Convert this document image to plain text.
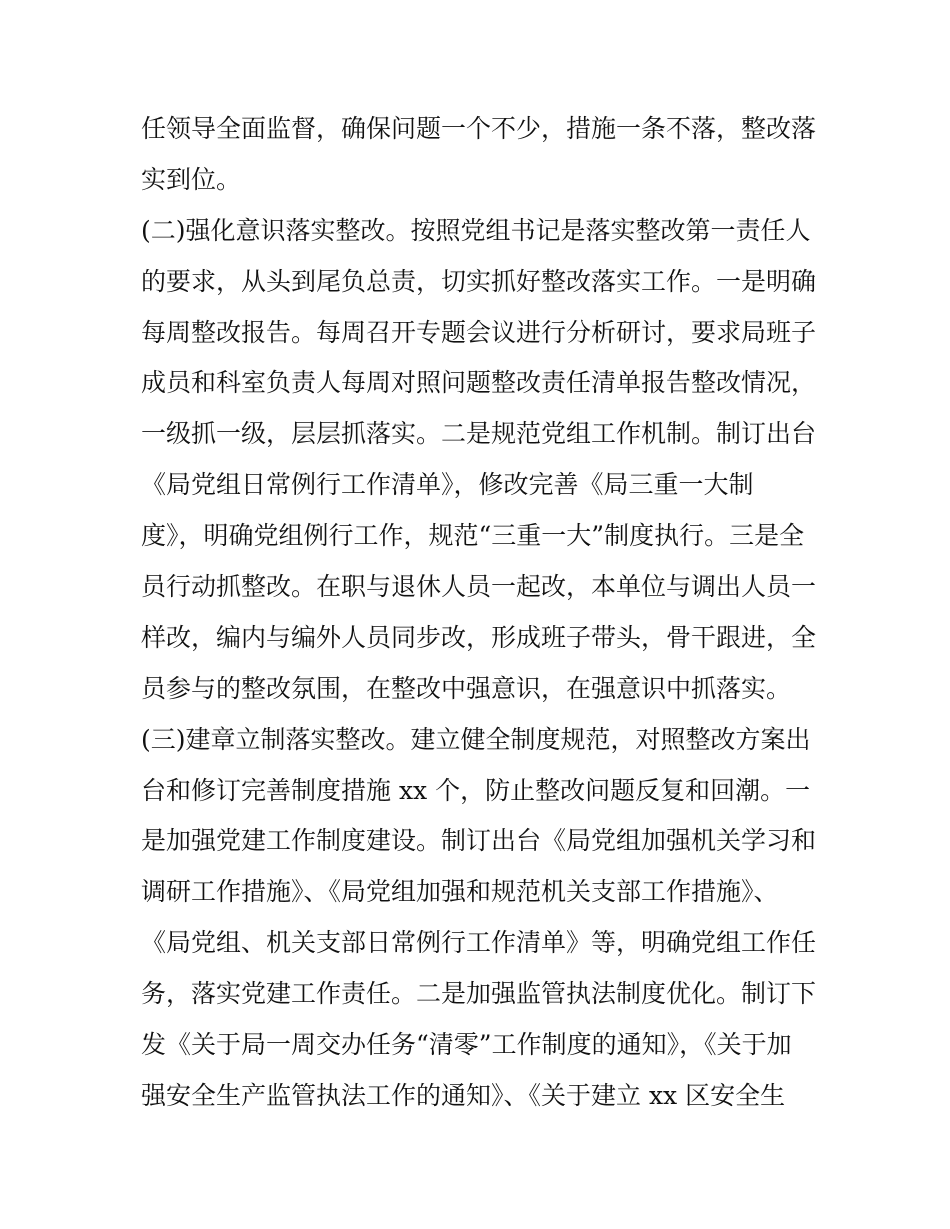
任领导全面监督，确保问题一个不少，措施一条不落，整改落
实到位。
(二)强化意识落实整改。按照党组书记是落实整改第一责任人
的要求，从头到尾负总责，切实抓好整改落实工作。一是明确
每周整改报告。每周召开专题会议进行分析研讨，要求局班子
成员和科室负责人每周对照问题整改责任清单报告整改情况，
一级抓一级，层层抓落实。二是规范党组工作机制。制订出台
《局党组日常例行工作清单》，修改完善《局三重一大制
度》，明确党组例行工作，规范“三重一大”制度执行。三是全
员行动抓整改。在职与退休人员一起改，本单位与调出人员一
样改，编内与编外人员同步改，形成班子带头，骨干跟进，全
员参与的整改氛围，在整改中强意识，在强意识中抓落实。
(三)建章立制落实整改。建立健全制度规范，对照整改方案出
台和修订完善制度措施 xx 个，防止整改问题反复和回潮。一
是加强党建工作制度建设。制订出台《局党组加强机关学习和
调研工作措施》、《局党组加强和规范机关支部工作措施》、
《局党组、机关支部日常例行工作清单》等，明确党组工作任
务，落实党建工作责任。二是加强监管执法制度优化。制订下
发《关于局一周交办任务“清零”工作制度的通知》，《关于加
强安全生产监管执法工作的通知》、《关于建立 xx 区安全生
